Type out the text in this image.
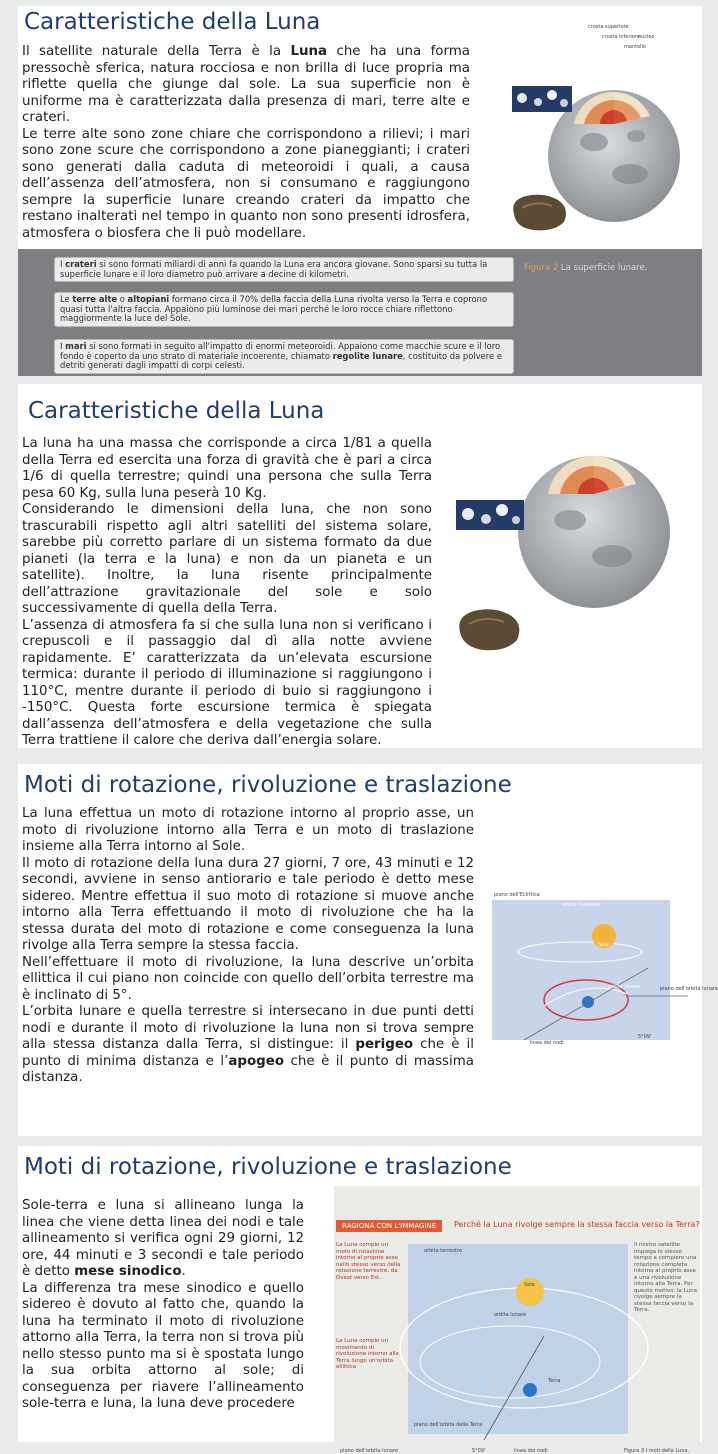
Caratteristiche della Luna

Il satellite naturale della Terra è la Luna che ha una forma pressochè sferica, natura rocciosa e non brilla di luce propria ma riflette quella che giunge dal sole. La sua superficie non è uniforme ma è caratterizzata dalla presenza di mari, terre alte e crateri.

Le terre alte sono zone chiare che corrispondono a rilievi; i mari sono zone scure che corrispondono a zone pianeggianti; i crateri sono generati dalla caduta di meteoroidi i quali, a causa dell’assenza dell’atmosfera, non si consumano e raggiungono sempre la superficie lunare creando crateri da impatto che restano inalterati nel tempo in quanto non sono presenti idrosfera, atmosfera o biosfera che li può modellare.

crosta superiore
crosta inferiore
nucleo
mantello
I crateri si sono formati miliardi di anni fa quando la Luna era ancora giovane. Sono sparsi su tutta la superficie lunare e il loro diametro può arrivare a decine di kilometri.
Le terre alte o altopiani formano circa il 70% della faccia della Luna rivolta verso la Terra e coprono quasi tutta l'altra faccia. Appaiono più luminose dei mari perché le loro rocce chiare riflettono maggiormente la luce del Sole.
I mari si sono formati in seguito all'impatto di enormi meteoroidi. Appaiono come macchie scure e il loro fondo è coperto da uno strato di materiale incoerente, chiamato regolite lunare, costituito da polvere e detriti generati dagli impatti di corpi celesti.
Figura 2 La superficie lunare.
Caratteristiche della Luna

La luna ha una massa che corrisponde a circa 1/81 a quella della Terra ed esercita una forza di gravità che è pari a circa 1/6 di quella terrestre; quindi una persona che sulla Terra pesa 60 Kg, sulla luna peserà 10 Kg.

Considerando le dimensioni della luna, che non sono trascurabili rispetto agli altri satelliti del sistema solare, sarebbe più corretto parlare di un sistema formato da due pianeti (la terra e la luna) e non da un pianeta e un satellite). Inoltre, la luna risente principalmente dell’attrazione gravitazionale del sole e solo successivamente di quella della Terra.

L’assenza di atmosfera fa si che sulla luna non si verificano i crepuscoli e il passaggio dal dì alla notte avviene rapidamente. E’ caratterizzata da un’elevata escursione termica: durante il periodo di illuminazione si raggiungono i 110°C, mentre durante il periodo di buio si raggiungono i -150°C. Questa forte escursione termica è spiegata dall’assenza dell’atmosfera e della vegetazione che sulla Terra trattiene il calore che deriva dall’energia solare.

Moti di rotazione, rivoluzione e traslazione

La luna effettua un moto di rotazione intorno al proprio asse, un moto di rivoluzione intorno alla Terra e un moto di traslazione insieme alla Terra intorno al Sole.

Il moto di rotazione della luna dura 27 giorni, 7 ore, 43 minuti e 12 secondi, avviene in senso antiorario e tale periodo è detto mese sidereo. Mentre effettua il suo moto di rotazione si muove anche intorno alla Terra effettuando il moto di rivoluzione che ha la stessa durata del moto di rotazione e come conseguenza la luna rivolge alla Terra sempre la stessa faccia.

Nell’effettuare il moto di rivoluzione, la luna descrive un’orbita ellittica il cui piano non coincide con quello dell’orbita terrestre ma è inclinato di 5°.

L’orbita lunare e quella terrestre si intersecano in due punti detti nodi e durante il moto di rivoluzione la luna non si trova sempre alla stessa distanza dalla Terra, si distingue: il perigeo che è il punto di minima distanza e l’apogeo che è il punto di massima distanza.

piano dell'Eclittica
orbita terrestre
Sole
orbita lunare	piano dell'orbita lunare
linea dei nodi
5°09'
Moti di rotazione, rivoluzione e traslazione

Sole-terra e luna si allineano lunga la linea che viene detta linea dei nodi e tale allineamento si verifica ogni 29 giorni, 12 ore, 44 minuti e 3 secondi e tale periodo è detto mese sinodico.

La differenza tra mese sinodico e quello sidereo è dovuto al fatto che, quando la luna ha terminato il moto di rivoluzione attorno alla Terra, la terra non si trova più nello stesso punto ma si è spostata lungo la sua orbita attorno al sole; di conseguenza per riavere l’allineamento sole-terra e luna, la luna deve procedere

RAGIONA CON L'IMMAGINE	Perché la Luna rivolge sempre la stessa faccia verso la Terra?
La Luna compie un moto di rotazione intorno al proprio asse nello stesso verso della rotazione terrestre, da Ovest verso Est.
La Luna compie un movimento di rivoluzione intorno alla Terra lungo un'orbita ellittica
Il nostro satellite impiega lo stesso tempo a compiere una rotazione completa intorno al proprio asse e una rivoluzione intorno alla Terra. Per questo motivo, la Luna rivolge sempre la stessa faccia verso la Terra.
orbita terrestre
Sole
orbita lunare
Terra
piano dell'orbita della Terra
piano dell'orbita lunare	5°09'	linea dei nodi	Figura 3 I moti della Luna.
